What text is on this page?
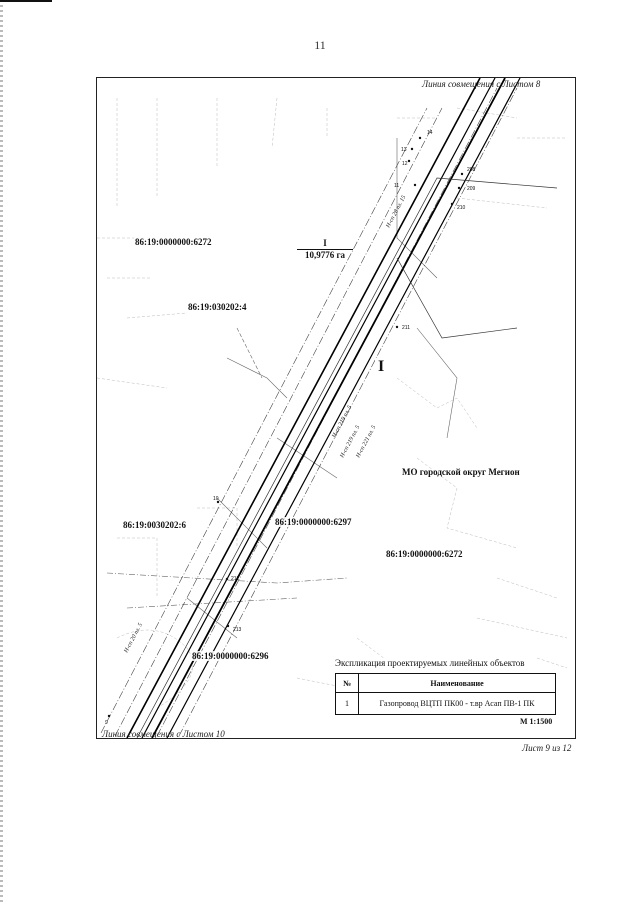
11
14
13
12
11
208
209
210
211
10
212
213
9
Н-сп 28 пл. 15
Н-сп 219 пл. 5
Н-сп 219 пл. 5
Н-сп 221 пл. 5
Н-сп 20 пл. 5
Линия совмещения с Листом 8
Линия совмещения с Листом 10
Лист 9 из 12
86:19:0000000:6272
86:19:030202:4
86:19:0030202:6	86:19:0000000:6297
86:19:0000000:6272
86:19:0000000:6296
I
10,9776 га
I
МО городской округ Мегион
Экспликация проектируемых линейных объектов
№	Наименование
1	Газопровод ВЦТП ПК00 - т.вр Асап ПВ-1 ПК
М 1:1500
